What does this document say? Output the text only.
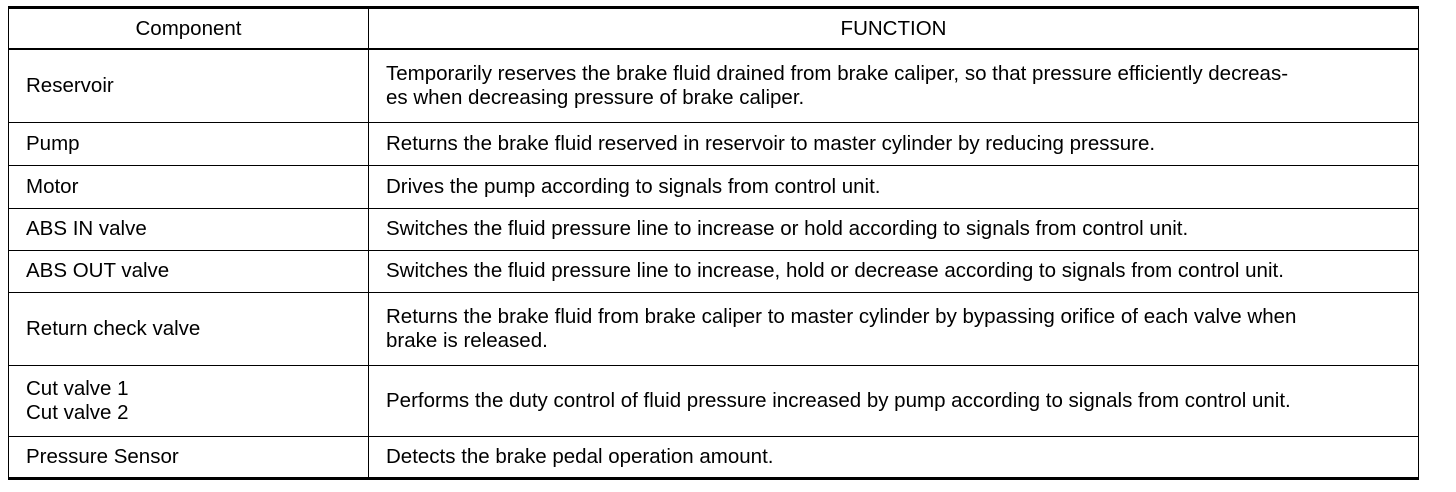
Component	FUNCTION

Reservoir	Temporarily reserves the brake fluid drained from brake caliper, so that pressure efficiently decreas-
es when decreasing pressure of brake caliper.

Pump	Returns the brake fluid reserved in reservoir to master cylinder by reducing pressure.

Motor	Drives the pump according to signals from control unit.

ABS IN valve	Switches the fluid pressure line to increase or hold according to signals from control unit.

ABS OUT valve	Switches the fluid pressure line to increase, hold or decrease according to signals from control unit.

Return check valve	Returns the brake fluid from brake caliper to master cylinder by bypassing orifice of each valve when
brake is released.

Cut valve 1
Cut valve 2	Performs the duty control of fluid pressure increased by pump according to signals from control unit.

Pressure Sensor	Detects the brake pedal operation amount.
